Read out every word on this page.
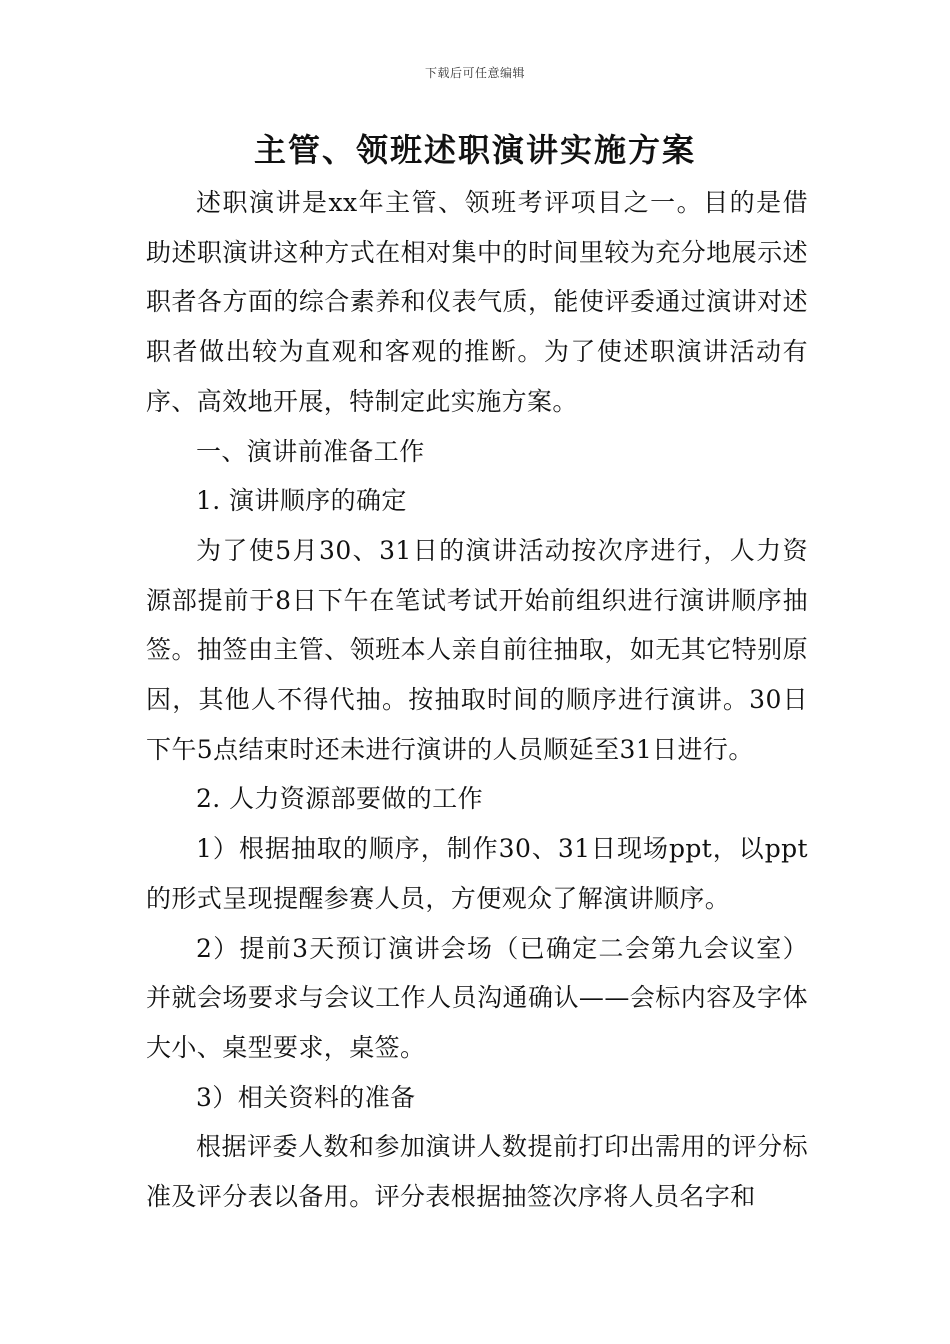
下载后可任意编辑
主管、领班述职演讲实施方案

述职演讲是xx年主管、领班考评项目之一。目的是借助述职演讲这种方式在相对集中的时间里较为充分地展示述职者各方面的综合素养和仪表气质，能使评委通过演讲对述职者做出较为直观和客观的推断。为了使述职演讲活动有序、高效地开展，特制定此实施方案。

一、演讲前准备工作

1. 演讲顺序的确定

为了使5月30、31日的演讲活动按次序进行，人力资源部提前于8日下午在笔试考试开始前组织进行演讲顺序抽签。抽签由主管、领班本人亲自前往抽取，如无其它特别原因，其他人不得代抽。按抽取时间的顺序进行演讲。30日下午5点结束时还未进行演讲的人员顺延至31日进行。

2. 人力资源部要做的工作

1）根据抽取的顺序，制作30、31日现场ppt，以ppt的形式呈现提醒参赛人员，方便观众了解演讲顺序。

2）提前3天预订演讲会场（已确定二会第九会议室）并就会场要求与会议工作人员沟通确认——会标内容及字体大小、桌型要求，桌签。

3）相关资料的准备

根据评委人数和参加演讲人数提前打印出需用的评分标准及评分表以备用。评分表根据抽签次序将人员名字和
